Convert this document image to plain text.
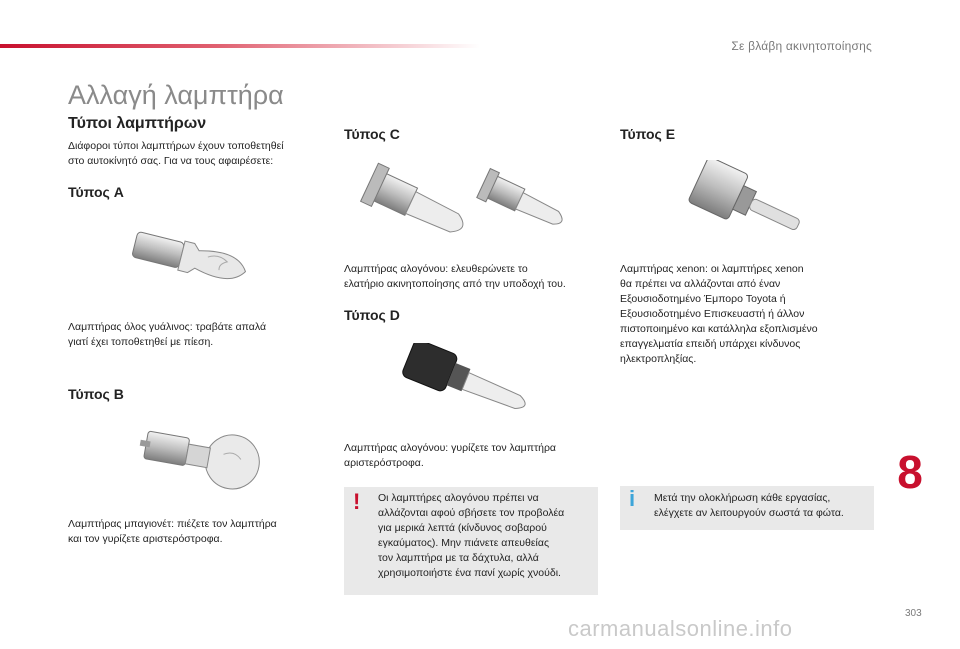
Σε βλάβη ακινητοποίησης
Αλλαγή λαμπτήρα
Τύποι λαμπτήρων
Διάφοροι τύποι λαμπτήρων έχουν τοποθετηθεί
στο αυτοκίνητό σας. Για να τους αφαιρέσετε:
Τύπος A
Λαμπτήρας όλος γυάλινος: τραβάτε απαλά
γιατί έχει τοποθετηθεί με πίεση.
Τύπος B
Λαμπτήρας μπαγιονέτ: πιέζετε τον λαμπτήρα
και τον γυρίζετε αριστερόστροφα.
Τύπος C
Λαμπτήρας αλογόνου: ελευθερώνετε το
ελατήριο ακινητοποίησης από την υποδοχή του.
Τύπος D
Λαμπτήρας αλογόνου: γυρίζετε τον λαμπτήρα
αριστερόστροφα.
! Οι λαμπτήρες αλογόνου πρέπει να
αλλάζονται αφού σβήσετε τον προβολέα
για μερικά λεπτά (κίνδυνος σοβαρού
εγκαύματος). Μην πιάνετε απευθείας
τον λαμπτήρα με τα δάχτυλα, αλλά
χρησιμοποιήστε ένα πανί χωρίς χνούδι.
Τύπος E
Λαμπτήρας xenon: οι λαμπτήρες xenon
θα πρέπει να αλλάζονται από έναν
Εξουσιοδοτημένο Έμπορο Toyota ή
Εξουσιοδοτημένο Επισκευαστή ή άλλον
πιστοποιημένο και κατάλληλα εξοπλισμένο
επαγγελματία επειδή υπάρχει κίνδυνος
ηλεκτροπληξίας.
i Μετά την ολοκλήρωση κάθε εργασίας,
ελέγχετε αν λειτουργούν σωστά τα φώτα.
8
303
carmanualsonline.info
